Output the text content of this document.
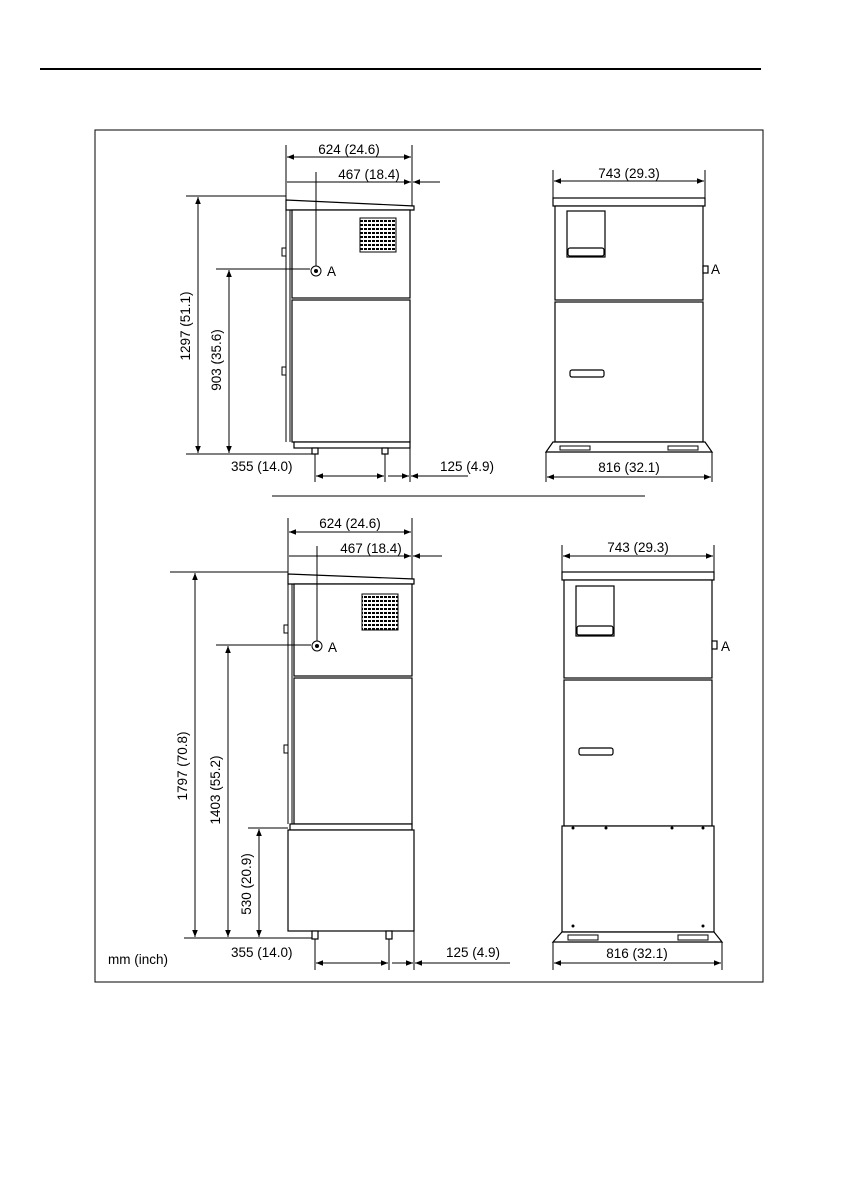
A
624 (24.6)
467 (18.4)
1297 (51.1) 903 (35.6)
355 (14.0)	125 (4.9)
A
743 (29.3)
816 (32.1)
A
624 (24.6)
467 (18.4)
1797 (70.8) 1403 (55.2)
530 (20.9)
355 (14.0)	125 (4.9)
A
743 (29.3)
816 (32.1)
mm (inch)
